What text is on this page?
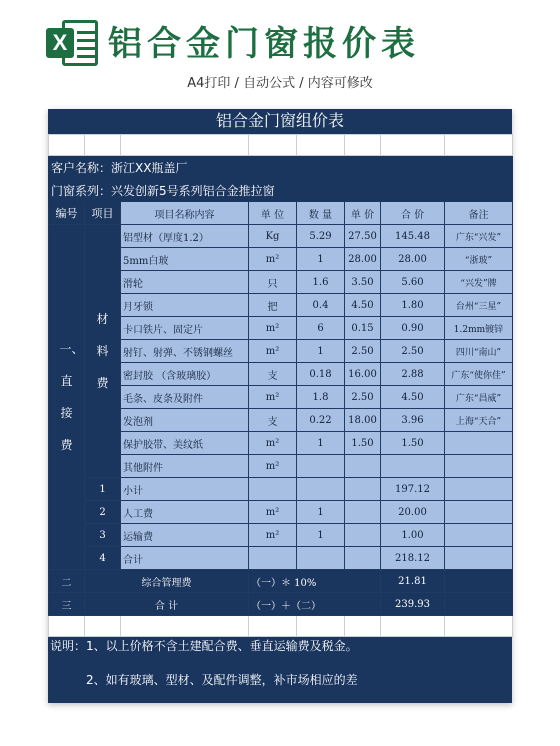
X 铝合金门窗报价表
A4打印 / 自动公式 / 内容可修改
铝合金门窗组价表

客户名称：浙江XX瓶盖厂							
门窗系列：兴发创新5号系列铝合金推拉窗							
编号	项目	项目名称内容	单 位	数 量	单 价	合 价	备注

一、直接费	材料费	铝型材（厚度1.2）	Kg	5.29	27.50	145.48	广东“兴发”
		5mm白玻	m²	1	28.00	28.00	“浙玻”
		滑轮	只	1.6	3.50	5.60	“兴发”牌
		月牙锁	把	0.4	4.50	1.80	台州“三星”
		卡口铁片、固定片	m²	6	0.15	0.90	1.2mm镀锌
		射钉、射弹、不锈钢螺丝	m²	1	2.50	2.50	四川“南山”
		密封胶 （含玻璃胶）	支	0.18	16.00	2.88	广东“使你佳”
		毛条、皮条及附件	m²	1.8	2.50	4.50	广东“昌威”
		发泡剂	支	0.22	18.00	3.96	上海“天合”
		保护胶带、美纹纸	m²	1	1.50	1.50	
		其他附件	m²				
	1	小计				197.12	
	2	人工费	m²	1		20.00	
	3	运输费	m²	1		1.00	
	4	合计				218.12	
二	综合管理费		（一）＊ 10%			21.81	
三	合 计		（一）＋（二）			239.93	

说明：1、以上价格不含土建配合费、垂直运输费及税金。
2、如有玻璃、型材、及配件调整，补市场相应的差
